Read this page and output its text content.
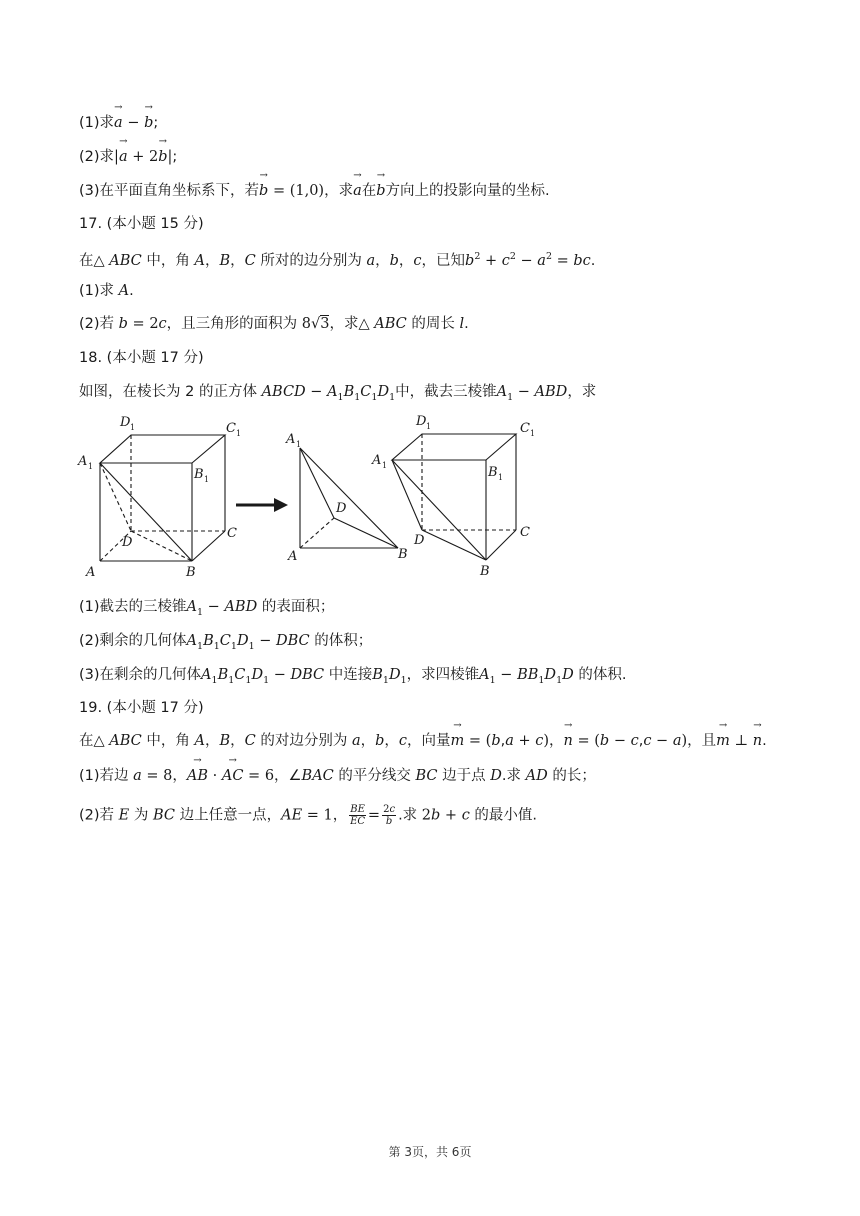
(1)求→ a − → b;
(2)求|→ a + 2→ b|;
(3)在平面直角坐标系下，若→ b = (1,0)，求→ a在→ b方向上的投影向量的坐标.
17. (本小题 15 分)
在△ ABC 中，角 A，B，C 所对的边分别为 a，b，c，已知$b^2 + c^2 - a^2$ = bc.
(1)求 A.
(2)若 b = 2c，且三角形的面积为 8√3，求△ ABC 的周长 l.
18. (本小题 17 分)
如图，在棱长为 2 的正方体 ABCD − $A_1B_1C_1D_1$中，截去三棱锥$A_1$ − ABD，求
D 1	C 1
A 1
B 1
C
D
A	B
A 1
D
A	B
D 1	C 1
A 1	B 1
C
D
B
(1)截去的三棱锥$A_1$ − ABD 的表面积；
(2)剩余的几何体$A_1B_1C_1D_1$ − DBC 的体积；
(3)在剩余的几何体$A_1B_1C_1D_1$ − DBC 中连接$B_1D_1$，求四棱锥$A_1 - BB_1D_1D$ 的体积.
19. (本小题 17 分)
在△ ABC 中，角 A，B，C 的对边分别为 a，b，c，向量→ m = (b,a + c)，→ n = (b − c,c − a)，且→ m ⊥ → n.
(1)若边 a = 8，→ AB · → AC = 6，∠BAC 的平分线交 BC 边于点 D.求 AD 的长；
(2)若 E 为 BC 边上任意一点，AE = 1， $\frac{BE}{EC} = \frac{2c}{b}$ .求 2b + c 的最小值.
第 3页，共 6页
